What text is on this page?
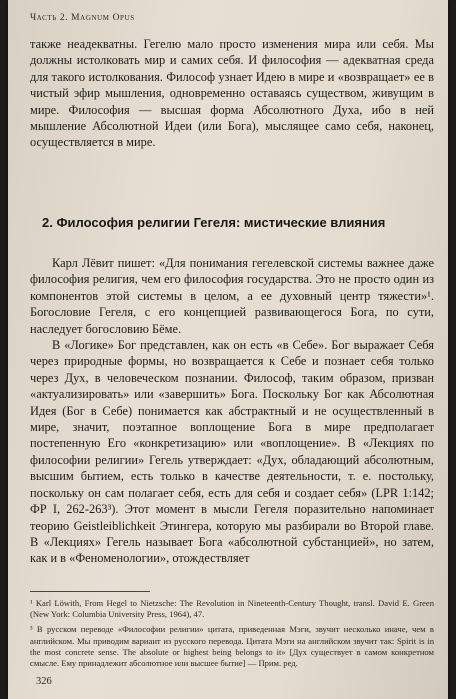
Часть 2. Magnum Opus

также неадекватны. Гегелю мало просто изменения мира или себя. Мы должны истолковать мир и самих себя. И философия — адекватная среда для такого истолкования. Философ узнает Идею в мире и «возвращает» ее в чистый эфир мышления, одновременно оставаясь существом, живущим в мире. Философия — высшая форма Абсолютного Духа, ибо в ней мышление Абсолютной Идеи (или Бога), мыслящее само себя, наконец, осуществляется в мире.

2. Философия религии Гегеля: мистические влияния

Карл Лёвит пишет: «Для понимания гегелевской системы важнее даже философия религия, чем его философия государства. Это не просто один из компонентов этой системы в целом, а ее духовный центр тяжести»¹. Богословие Гегеля, с его концепцией развивающегося Бога, по сути, наследует богословию Бёме.

В «Логике» Бог представлен, как он есть «в Себе». Бог выражает Себя через природные формы, но возвращается к Себе и познает себя только через Дух, в человеческом познании. Философ, таким образом, призван «актуализировать» или «завершить» Бога. Поскольку Бог как Абсолютная Идея (Бог в Себе) понимается как абстрактный и не осуществленный в мире, значит, поэтапное воплощение Бога в мире предполагает постепенную Его «конкретизацию» или «воплощение». В «Лекциях по философии религии» Гегель утверждает: «Дух, обладающий абсолютным, высшим бытием, есть только в качестве деятельности, т. е. постольку, поскольку он сам полагает себя, есть для себя и создает себя» (LPR 1:142; ФР I, 262-263³). Этот момент в мысли Гегеля поразительно напоминает теорию Geistleiblichkeit Этингера, которую мы разбирали во Второй главе. В «Лекциях» Гегель называет Бога «абсолютной субстанцией», но затем, как и в «Феноменологии», отождествляет

¹ Karl Löwith, From Hegel to Nietzsche: The Revolution in Nineteenth-Century Thought, transl. David E. Green (New York: Columbia University Press, 1964), 47.

³ В русском переводе «Философии религии» цитата, приведенная Мэги, звучит несколько иначе, чем в английском. Мы приводим вариант из русского перевода. Цитата Мэги на английском звучит так: Spirit is in the most concrete sense. The absolute or highest being belongs to it» [Дух существует в самом конкретном смысле. Ему принадлежит абсолютное или высшее бытие] — Прим. ред.

326
